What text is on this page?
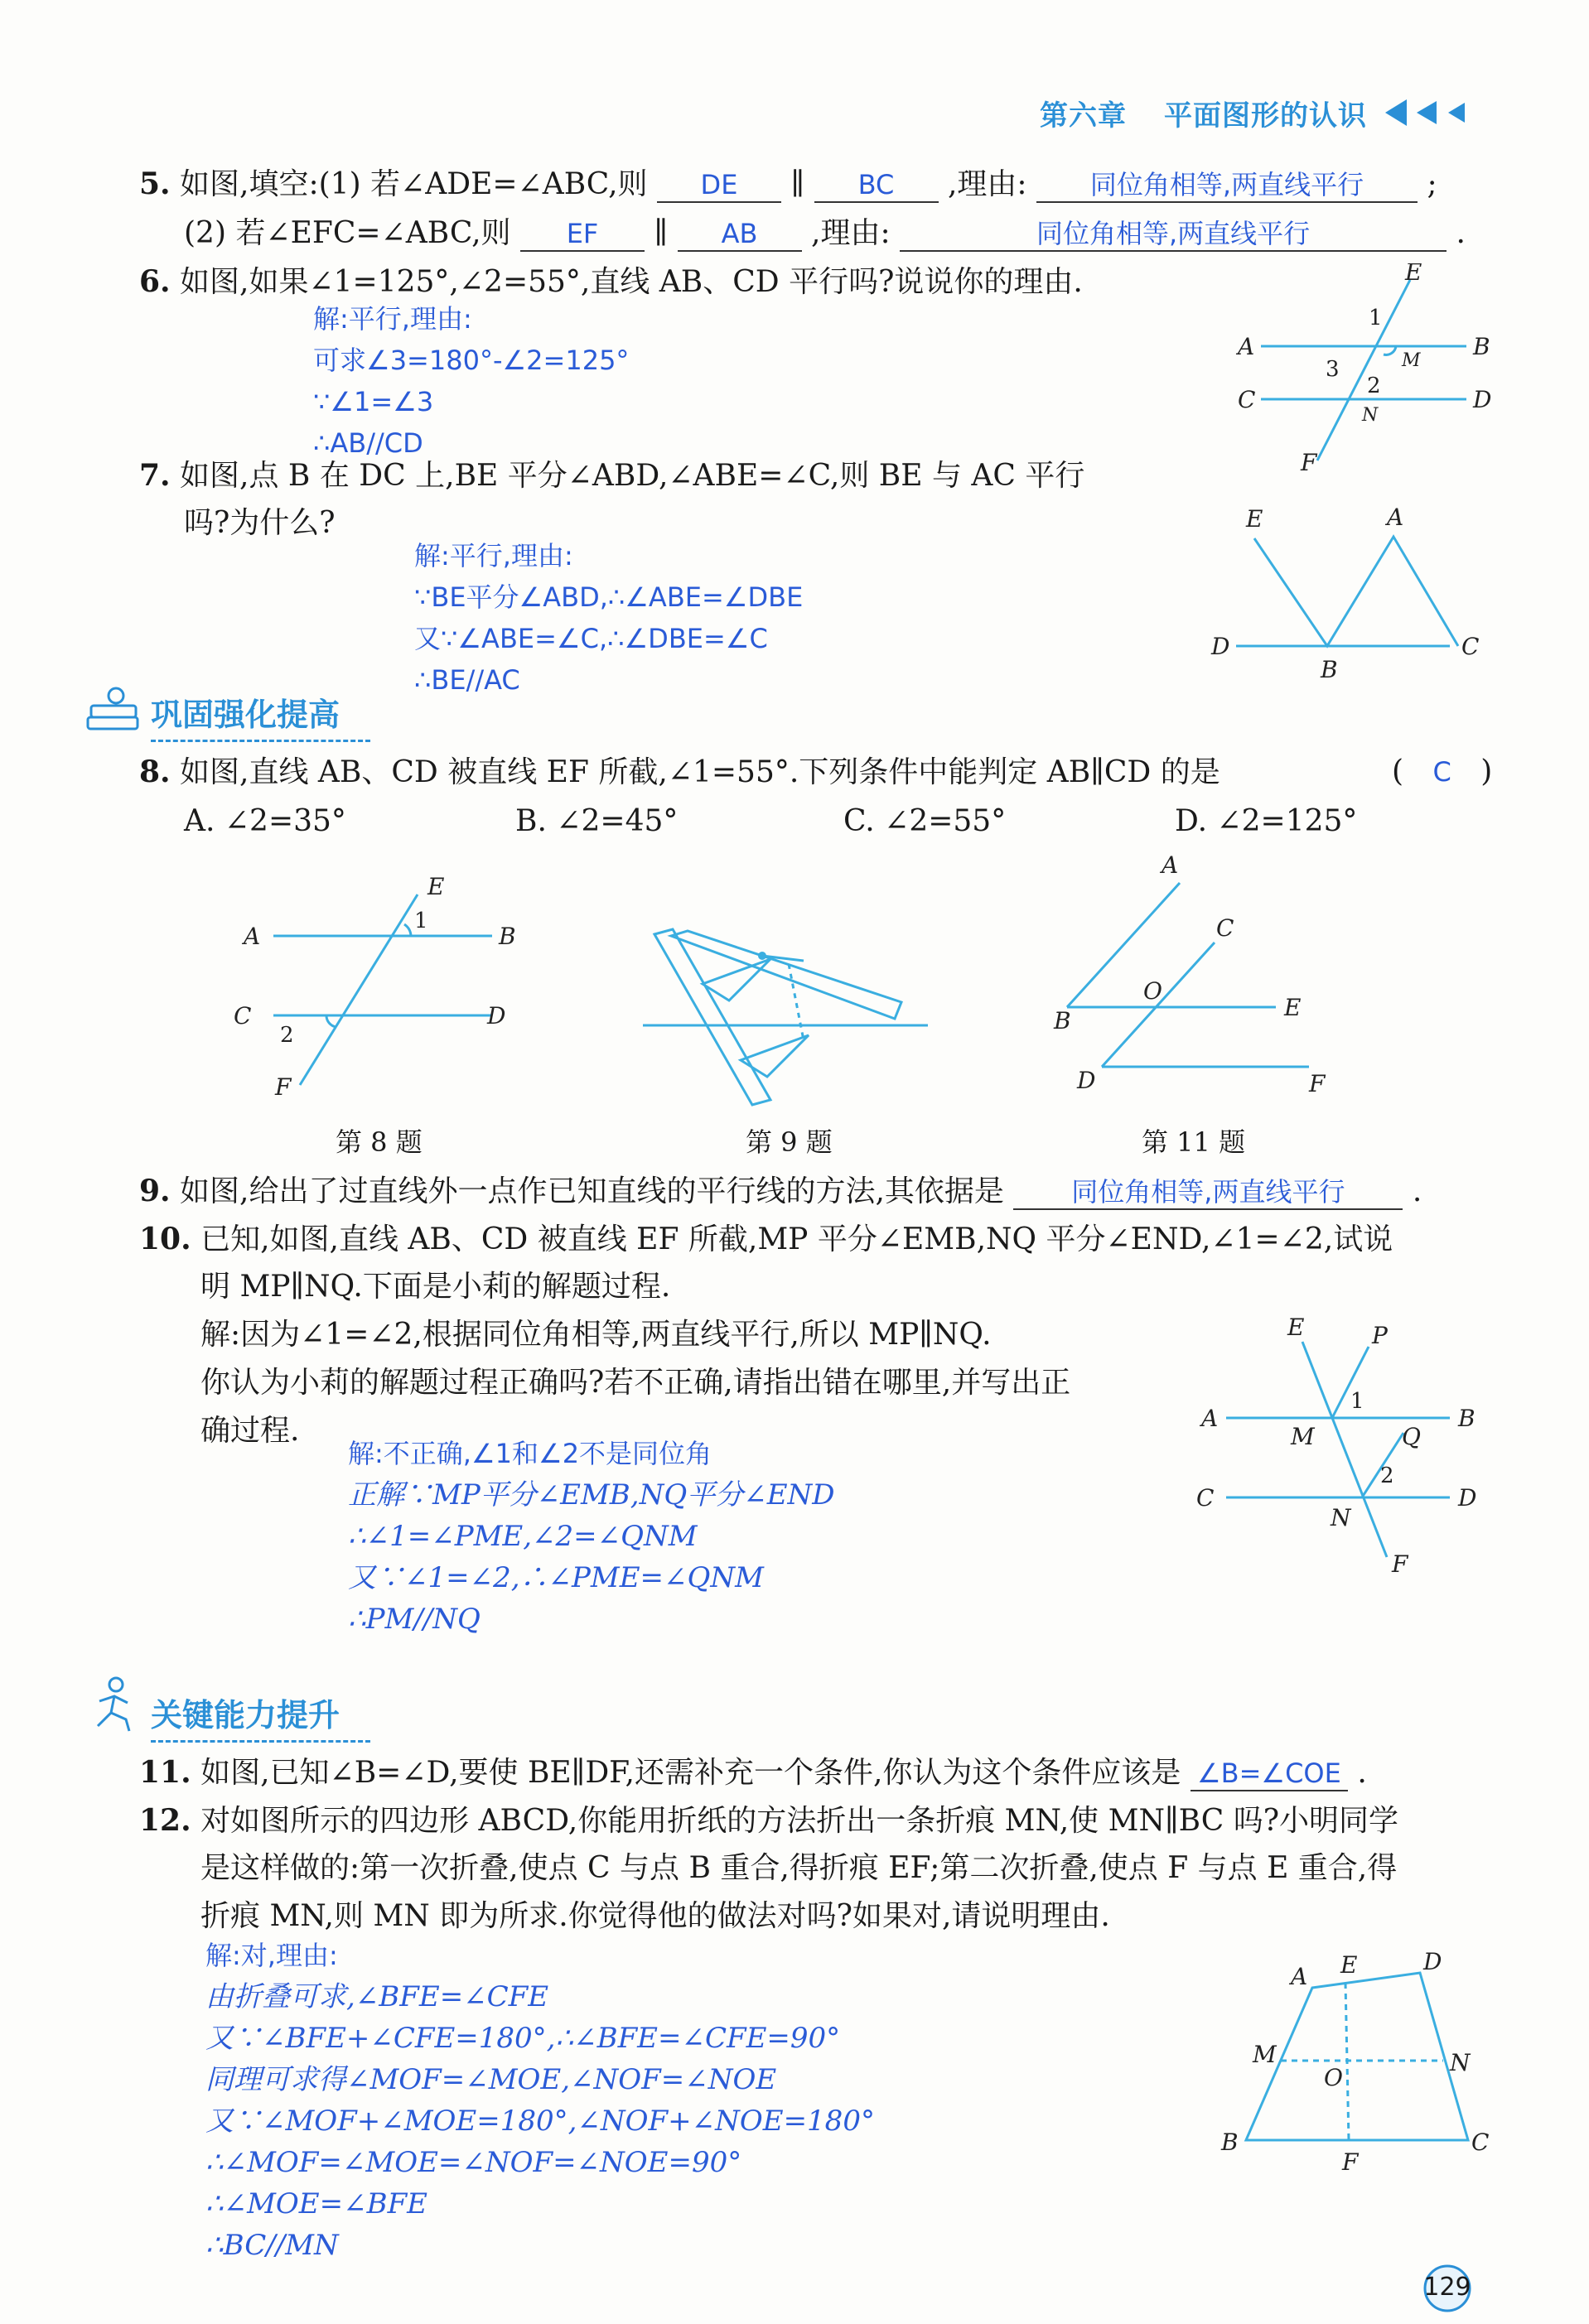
第六章 平面图形的认识
5. 如图,填空:(1) 若∠ADE=∠ABC,则 DE ∥ BC ,理由: 同位角相等,两直线平行 ;
(2) 若∠EFC=∠ABC,则 EF ∥ AB ,理由:	同位角相等,两直线平行	.
6. 如图,如果∠1=125°,∠2=55°,直线 AB、CD 平行吗?说说你的理由.
解:平行,理由:
可求∠3=180°-∠2=125°
∵∠1=∠3
∴AB//CD
E
A	B
C	D
F
M
N
1
2
3
7. 如图,点 B 在 DC 上,BE 平分∠ABD,∠ABE=∠C,则 BE 与 AC 平行
吗?为什么?
解:平行,理由:
∵BE平分∠ABD,∴∠ABE=∠DBE
又∵∠ABE=∠C,∴∠DBE=∠C
∴BE//AC
E	A
D
B
C
巩固强化提高
8. 如图,直线 AB、CD 被直线 EF 所截,∠1=55°.下列条件中能判定 AB∥CD 的是	( C )
A. ∠2=35°	B. ∠2=45°	C. ∠2=55°	D. ∠2=125°
E
A	B
C	D
F
1
2
第 8 题	第 9 题
A
C
B
O
E
D	F
第 11 题
9. 如图,给出了过直线外一点作已知直线的平行线的方法,其依据是	同位角相等,两直线平行 .
10. 已知,如图,直线 AB、CD 被直线 EF 所截,MP 平分∠EMB,NQ 平分∠END,∠1=∠2,试说
明 MP∥NQ.下面是小莉的解题过程.
解:因为∠1=∠2,根据同位角相等,两直线平行,所以 MP∥NQ.
你认为小莉的解题过程正确吗?若不正确,请指出错在哪里,并写出正
确过程.
解:不正确,∠1和∠2不是同位角
正解∵MP平分∠EMB,NQ平分∠END
∴∠1=∠PME,∠2=∠QNM
又∵∠1=∠2,∴∠PME=∠QNM
∴PM//NQ
E	P
A	B
M	Q
C	D
N
F
1
2
关键能力提升
11. 如图,已知∠B=∠D,要使 BE∥DF,还需补充一个条件,你认为这个条件应该是 ∠B=∠COE .
12. 对如图所示的四边形 ABCD,你能用折纸的方法折出一条折痕 MN,使 MN∥BC 吗?小明同学
是这样做的:第一次折叠,使点 C 与点 B 重合,得折痕 EF;第二次折叠,使点 F 与点 E 重合,得
折痕 MN,则 MN 即为所求.你觉得他的做法对吗?如果对,请说明理由.
解:对,理由:
由折叠可求,∠BFE=∠CFE
又∵∠BFE+∠CFE=180°,∴∠BFE=∠CFE=90°
同理可求得∠MOF=∠MOE,∠NOF=∠NOE
又∵∠MOF+∠MOE=180°,∠NOF+∠NOE=180°
∴∠MOF=∠MOE=∠NOF=∠NOE=90°
∴∠MOE=∠BFE
∴BC//MN
A E	D
M	N
O
B
F
C
129
